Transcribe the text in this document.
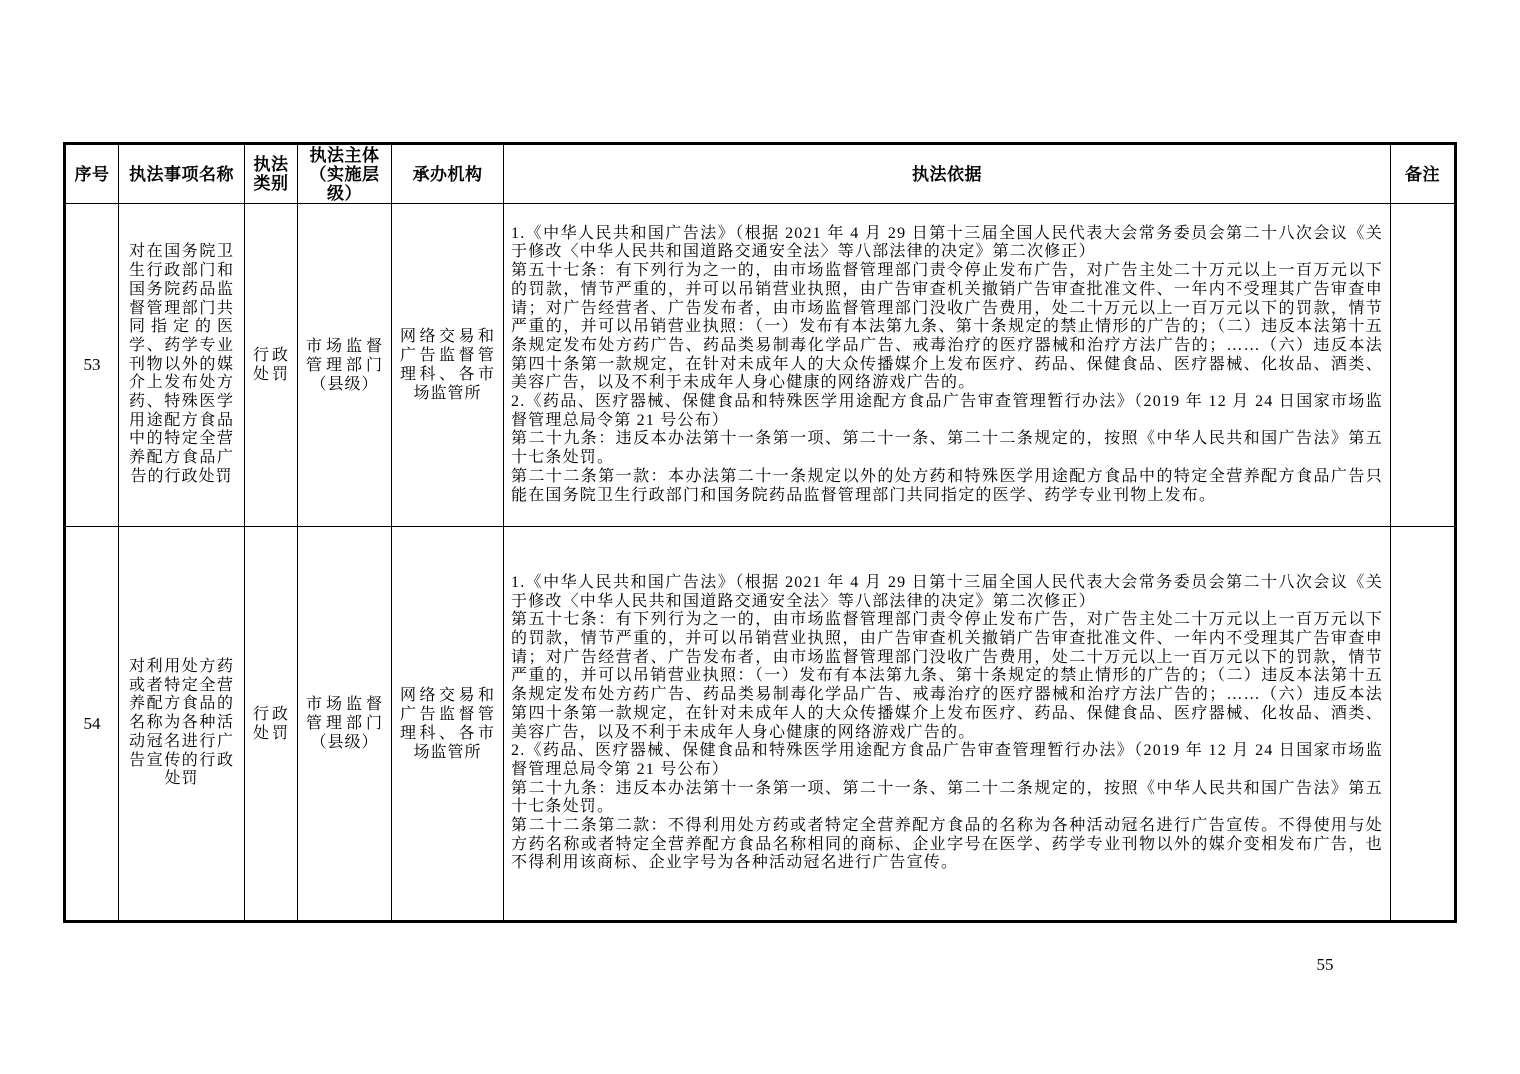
序号	执法事项名称	执法类别	执法主体（实施层级）	承办机构	执法依据	备注
53	对在国务院卫生行政部门和国务院药品监督管理部门共同指定的医学、药学专业刊物以外的媒介上发布处方药、特殊医学用途配方食品中的特定全营养配方食品广告的行政处罚	行政处罚	市场监督管理部门（县级）	网络交易和广告监督管理科、各市场监管所	1.《中华人民共和国广告法》（根据 2021 年 4 月 29 日第十三届全国人民代表大会常务委员会第二十八次会议《关于修改〈中华人民共和国道路交通安全法〉等八部法律的决定》第二次修正）

第五十七条：有下列行为之一的，由市场监督管理部门责令停止发布广告，对广告主处二十万元以上一百万元以下的罚款，情节严重的，并可以吊销营业执照，由广告审查机关撤销广告审查批准文件、一年内不受理其广告审查申请；对广告经营者、广告发布者，由市场监督管理部门没收广告费用，处二十万元以上一百万元以下的罚款，情节严重的，并可以吊销营业执照：（一）发布有本法第九条、第十条规定的禁止情形的广告的；（二）违反本法第十五条规定发布处方药广告、药品类易制毒化学品广告、戒毒治疗的医疗器械和治疗方法广告的；……（六）违反本法第四十条第一款规定，在针对未成年人的大众传播媒介上发布医疗、药品、保健食品、医疗器械、化妆品、酒类、美容广告，以及不利于未成年人身心健康的网络游戏广告的。

2.《药品、医疗器械、保健食品和特殊医学用途配方食品广告审查管理暂行办法》（2019 年 12 月 24 日国家市场监督管理总局令第 21 号公布）

第二十九条：违反本办法第十一条第一项、第二十一条、第二十二条规定的，按照《中华人民共和国广告法》第五十七条处罚。

第二十二条第一款：本办法第二十一条规定以外的处方药和特殊医学用途配方食品中的特定全营养配方食品广告只能在国务院卫生行政部门和国务院药品监督管理部门共同指定的医学、药学专业刊物上发布。	

54	对利用处方药或者特定全营养配方食品的名称为各种活动冠名进行广告宣传的行政处罚	行政处罚	市场监督管理部门（县级）	网络交易和广告监督管理科、各市场监管所	1.《中华人民共和国广告法》（根据 2021 年 4 月 29 日第十三届全国人民代表大会常务委员会第二十八次会议《关于修改〈中华人民共和国道路交通安全法〉等八部法律的决定》第二次修正）

第五十七条：有下列行为之一的，由市场监督管理部门责令停止发布广告，对广告主处二十万元以上一百万元以下的罚款，情节严重的，并可以吊销营业执照，由广告审查机关撤销广告审查批准文件、一年内不受理其广告审查申请；对广告经营者、广告发布者，由市场监督管理部门没收广告费用，处二十万元以上一百万元以下的罚款，情节严重的，并可以吊销营业执照：（一）发布有本法第九条、第十条规定的禁止情形的广告的；（二）违反本法第十五条规定发布处方药广告、药品类易制毒化学品广告、戒毒治疗的医疗器械和治疗方法广告的；……（六）违反本法第四十条第一款规定，在针对未成年人的大众传播媒介上发布医疗、药品、保健食品、医疗器械、化妆品、酒类、美容广告，以及不利于未成年人身心健康的网络游戏广告的。

2.《药品、医疗器械、保健食品和特殊医学用途配方食品广告审查管理暂行办法》（2019 年 12 月 24 日国家市场监督管理总局令第 21 号公布）

第二十九条：违反本办法第十一条第一项、第二十一条、第二十二条规定的，按照《中华人民共和国广告法》第五十七条处罚。

第二十二条第二款：不得利用处方药或者特定全营养配方食品的名称为各种活动冠名进行广告宣传。不得使用与处方药名称或者特定全营养配方食品名称相同的商标、企业字号在医学、药学专业刊物以外的媒介变相发布广告，也不得利用该商标、企业字号为各种活动冠名进行广告宣传。	

55
